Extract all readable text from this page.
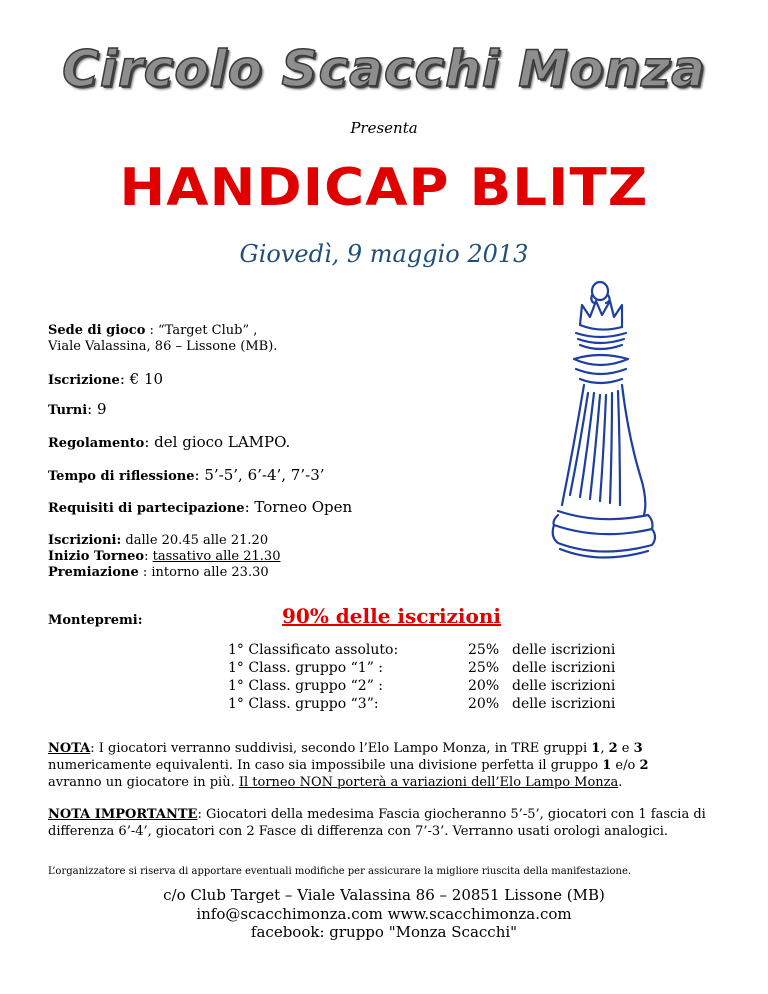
Circolo Scacchi Monza
Presenta
HANDICAP BLITZ
Giovedì, 9 maggio 2013
Sede di gioco : “Target Club” ,
Viale Valassina, 86 – Lissone (MB).
Iscrizione: € 10
Turni: 9
Regolamento: del gioco LAMPO.
Tempo di riflessione: 5’-5’, 6’-4’, 7’-3’
Requisiti di partecipazione: Torneo Open
Iscrizioni: dalle 20.45 alle 21.20
Inizio Torneo: tassativo alle 21.30
Premiazione : intorno alle 23.30
Montepremi:	90% delle iscrizioni
1° Classificato assoluto:
1° Class. gruppo “1” :
1° Class. gruppo “2” :
1° Class. gruppo “3”:
25%
25%
20%
20%
delle iscrizioni
delle iscrizioni
delle iscrizioni
delle iscrizioni
NOTA: I giocatori verranno suddivisi, secondo l’Elo Lampo Monza, in TRE gruppi 1, 2 e 3
numericamente equivalenti. In caso sia impossibile una divisione perfetta il gruppo 1 e/o 2
avranno un giocatore in più. Il torneo NON porterà a variazioni dell’Elo Lampo Monza.
NOTA IMPORTANTE: Giocatori della medesima Fascia giocheranno 5’-5’, giocatori con 1 fascia di differenza 6’-4’, giocatori con 2 Fasce di differenza con 7’-3’. Verranno usati orologi analogici.
L’organizzatore si riserva di apportare eventuali modifiche per assicurare la migliore riuscita della manifestazione.
c/o Club Target – Viale Valassina 86 – 20851 Lissone (MB)
info@scacchimonza.com www.scacchimonza.com
facebook: gruppo "Monza Scacchi"
